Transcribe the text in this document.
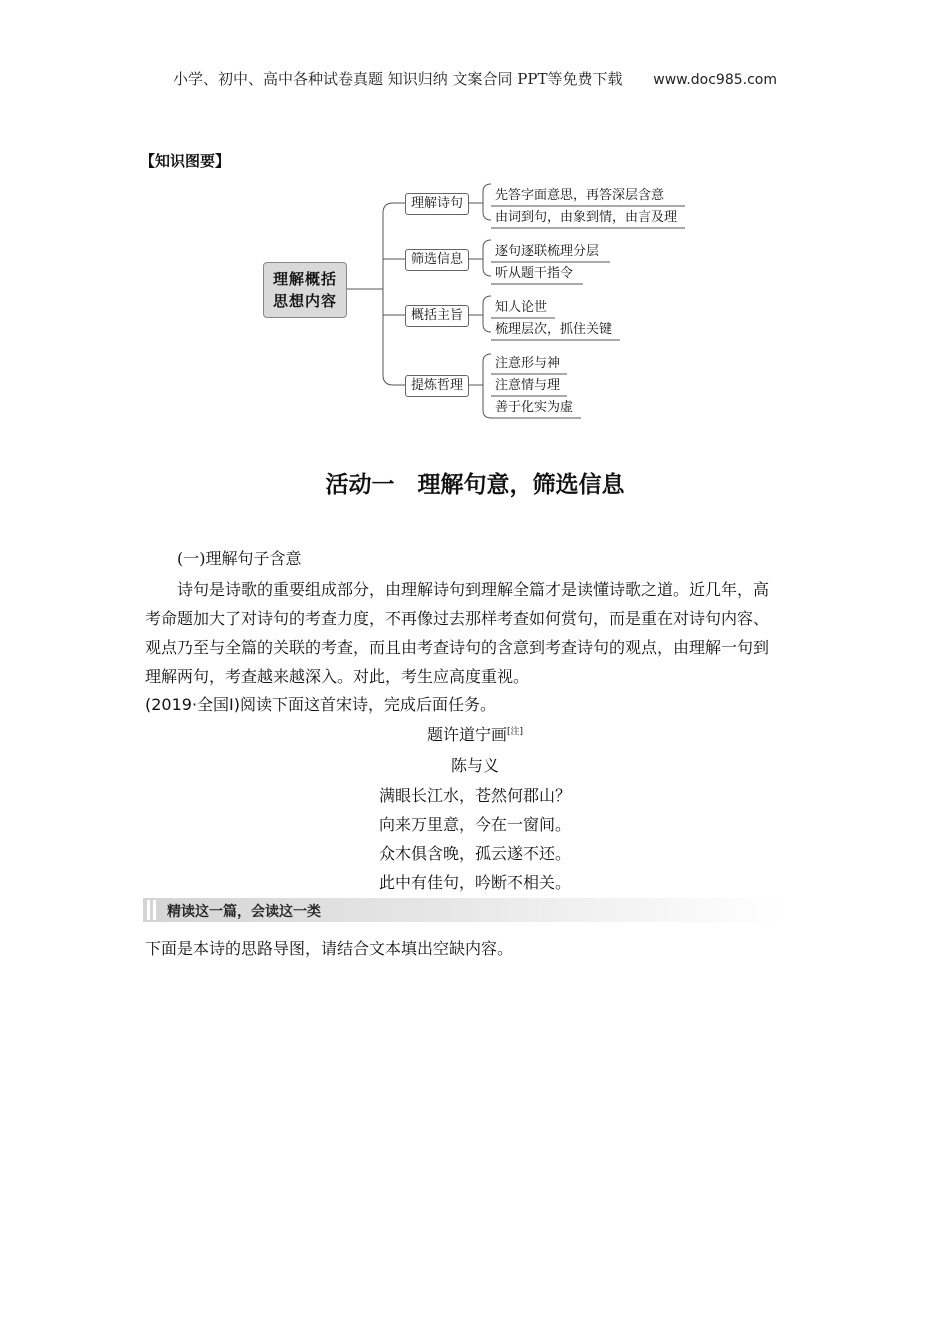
小学、初中、高中各种试卷真题 知识归纳 文案合同 PPT等免费下载 www.doc985.com
【知识图要】
理解概括
思想内容
理解诗句
筛选信息
概括主旨
提炼哲理
先答字面意思，再答深层含意
由词到句，由象到情，由言及理
逐句逐联梳理分层
听从题干指令
知人论世
梳理层次，抓住关键
注意形与神
注意情与理
善于化实为虚
活动一　理解句意，筛选信息
(一)理解句子含意
诗句是诗歌的重要组成部分，由理解诗句到理解全篇才是读懂诗歌之道。近几年，高
考命题加大了对诗句的考查力度，不再像过去那样考查如何赏句，而是重在对诗句内容、
观点乃至与全篇的关联的考查，而且由考查诗句的含意到考查诗句的观点，由理解一句到
理解两句，考查越来越深入。对此，考生应高度重视。
(2019·全国Ⅰ)阅读下面这首宋诗，完成后面任务。
题许道宁画[注]
陈与义
满眼长江水，苍然何郡山？
向来万里意，今在一窗间。
众木俱含晚，孤云遂不还。
此中有佳句，吟断不相关。
精读这一篇，会读这一类
下面是本诗的思路导图，请结合文本填出空缺内容。
